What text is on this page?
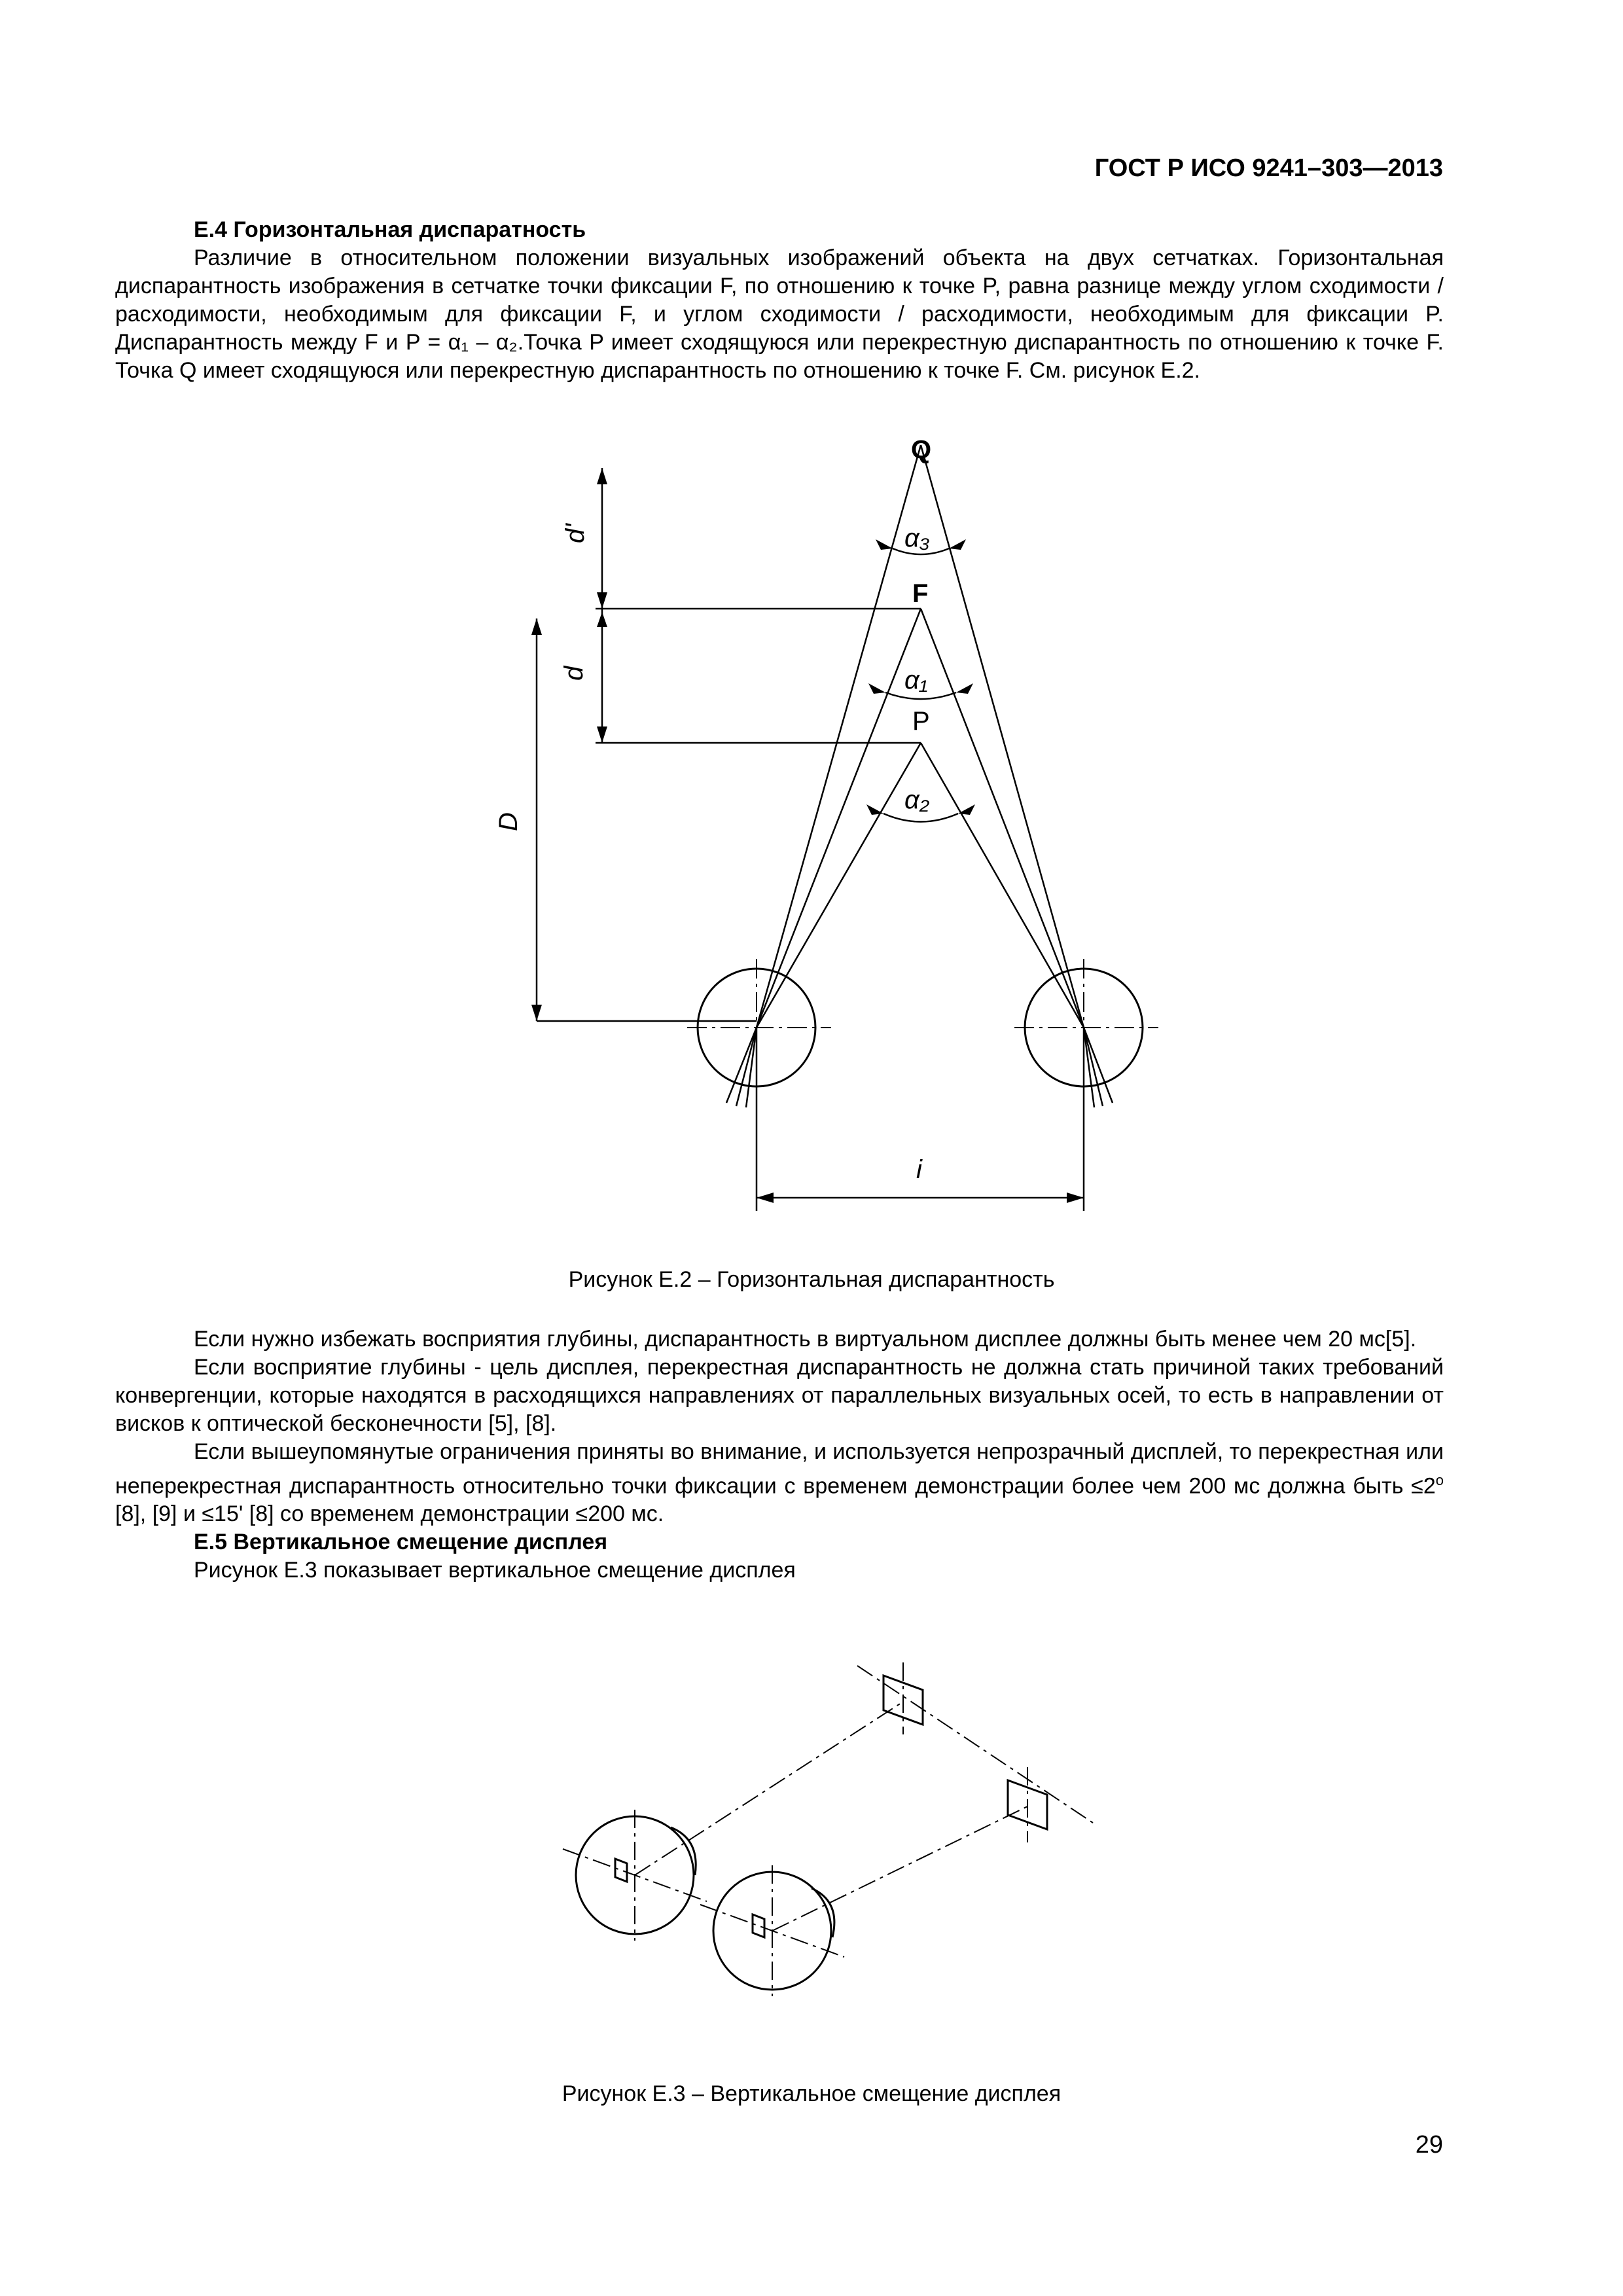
ГОСТ Р ИСО 9241–303—2013
Е.4 Горизонтальная диспаратность

Различие в относительном положении визуальных изображений объекта на двух сетчатках. Горизонтальная диспарантность изображения в сетчатке точки фиксации F, по отношению к точке P, равна разнице между углом сходимости / расходимости, необходимым для фиксации F, и углом сходимости / расходимости, необходимым для фиксации P. Диспарантность между F и P = α₁ – α₂.Точка P имеет сходящуюся или перекрестную диспарантность по отношению к точке F. Точка Q имеет сходящуюся или перекрестную диспарантность по отношению к точке F. См. рисунок Е.2.

Q
F
P
α₃
α₁
α₂
d'
d
D
i
Рисунок Е.2 – Горизонтальная диспарантность

Если нужно избежать восприятия глубины, диспарантность в виртуальном дисплее должны быть менее чем 20 мс[5].

Если восприятие глубины - цель дисплея, перекрестная диспарантность не должна стать причиной таких требований конвергенции, которые находятся в расходящихся направлениях от параллельных визуальных осей, то есть в направлении от висков к оптической бесконечности [5], [8].

Если вышеупомянутые ограничения приняты во внимание, и используется непрозрачный дисплей, то перекрестная или неперекрестная диспарантность относительно точки фиксации с временем демонстрации более чем 200 мс должна быть $\le 2^o$ [8], [9] и ≤15' [8] со временем демонстрации ≤200 мс.

Е.5 Вертикальное смещение дисплея

Рисунок Е.3 показывает вертикальное смещение дисплея

Рисунок Е.3 – Вертикальное смещение дисплея
29
